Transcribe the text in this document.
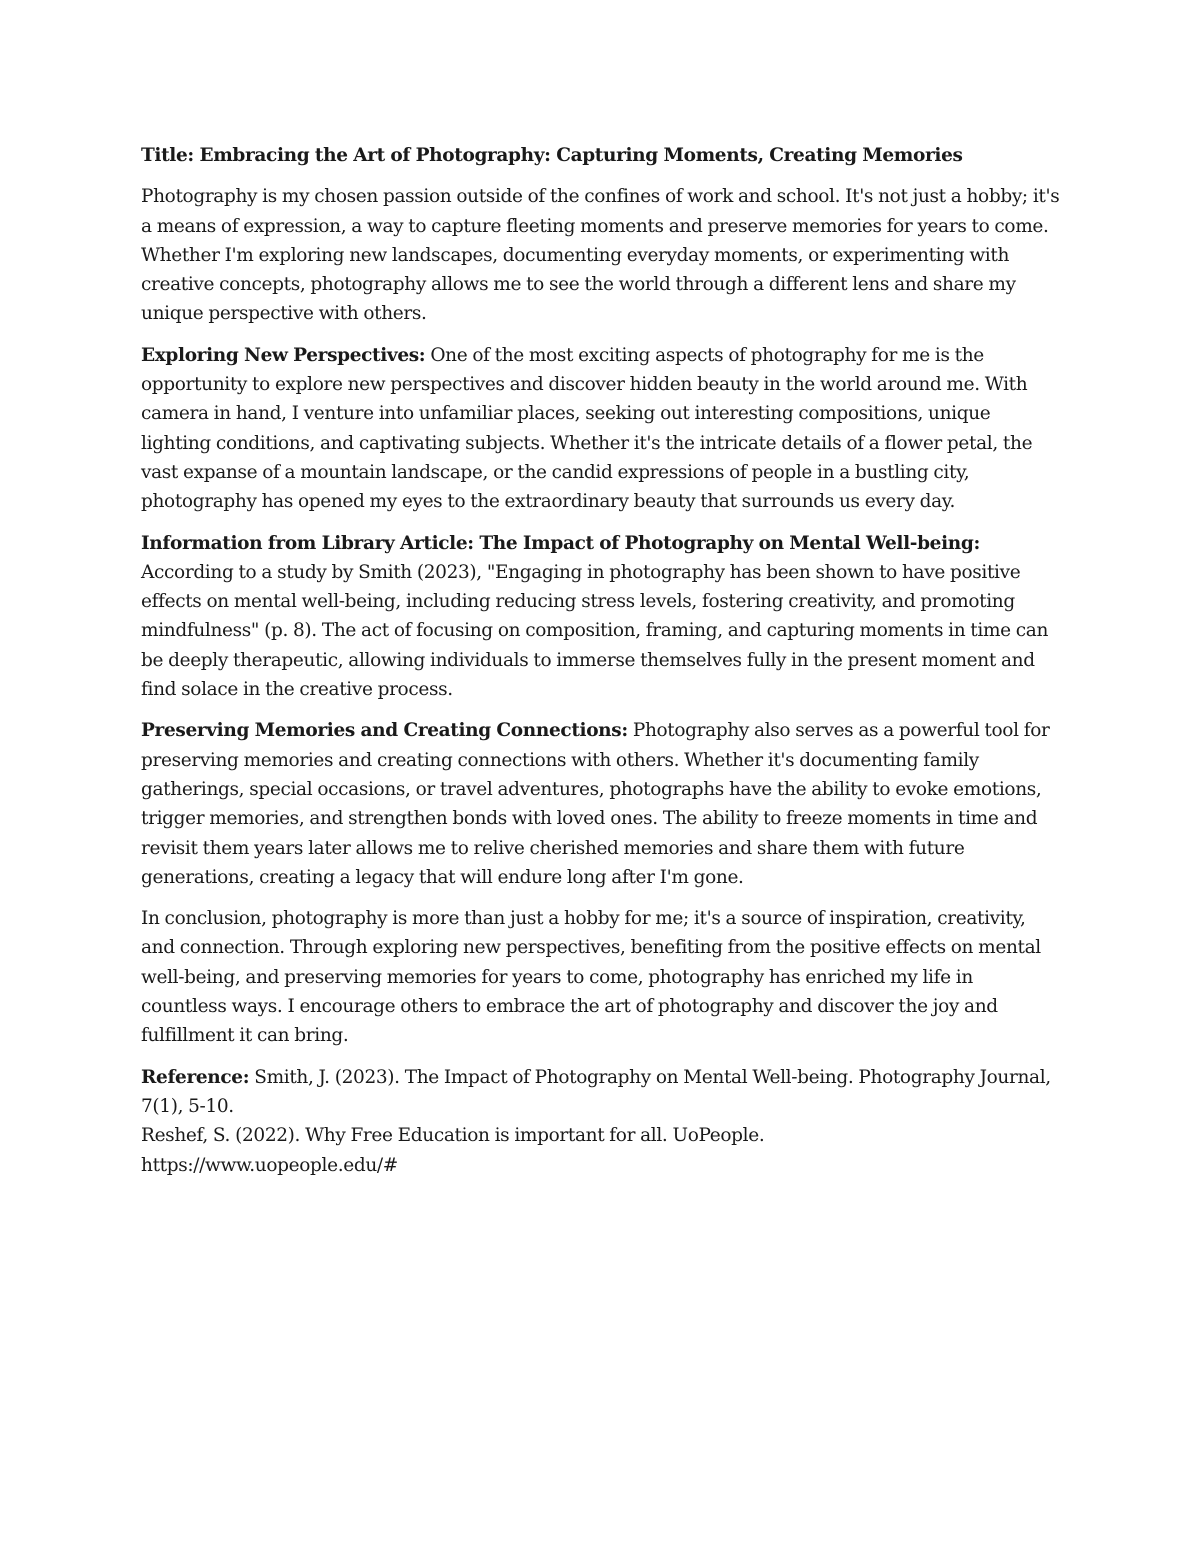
Title: Embracing the Art of Photography: Capturing Moments, Creating Memories

Photography is my chosen passion outside of the confines of work and school. It's not just a hobby; it's a means of expression, a way to capture fleeting moments and preserve memories for years to come. Whether I'm exploring new landscapes, documenting everyday moments, or experimenting with creative concepts, photography allows me to see the world through a different lens and share my unique perspective with others.

Exploring New Perspectives: One of the most exciting aspects of photography for me is the opportunity to explore new perspectives and discover hidden beauty in the world around me. With camera in hand, I venture into unfamiliar places, seeking out interesting compositions, unique lighting conditions, and captivating subjects. Whether it's the intricate details of a flower petal, the vast expanse of a mountain landscape, or the candid expressions of people in a bustling city, photography has opened my eyes to the extraordinary beauty that surrounds us every day.

Information from Library Article: The Impact of Photography on Mental Well-being: According to a study by Smith (2023), "Engaging in photography has been shown to have positive effects on mental well-being, including reducing stress levels, fostering creativity, and promoting mindfulness" (p. 8). The act of focusing on composition, framing, and capturing moments in time can be deeply therapeutic, allowing individuals to immerse themselves fully in the present moment and find solace in the creative process.

Preserving Memories and Creating Connections: Photography also serves as a powerful tool for preserving memories and creating connections with others. Whether it's documenting family gatherings, special occasions, or travel adventures, photographs have the ability to evoke emotions, trigger memories, and strengthen bonds with loved ones. The ability to freeze moments in time and revisit them years later allows me to relive cherished memories and share them with future generations, creating a legacy that will endure long after I'm gone.

In conclusion, photography is more than just a hobby for me; it's a source of inspiration, creativity, and connection. Through exploring new perspectives, benefiting from the positive effects on mental well-being, and preserving memories for years to come, photography has enriched my life in countless ways. I encourage others to embrace the art of photography and discover the joy and fulfillment it can bring.

Reference: Smith, J. (2023). The Impact of Photography on Mental Well-being. Photography Journal, 7(1), 5-10.
Reshef, S. (2022). Why Free Education is important for all. UoPeople.
https://www.uopeople.edu/#
